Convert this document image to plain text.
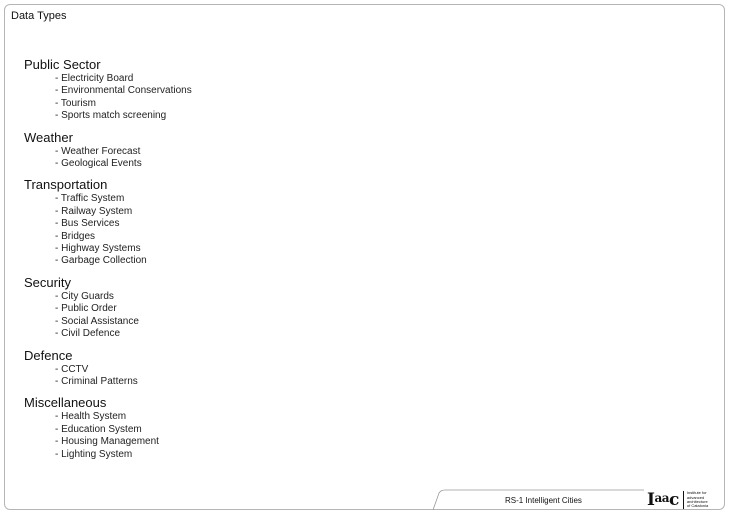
Data Types
Public Sector
- Electricity Board
- Environmental Conservations
- Tourism
- Sports match screening
Weather
- Weather Forecast
- Geological Events
Transportation
- Traffic System
- Railway System
- Bus Services
- Bridges
- Highway Systems
- Garbage Collection
Security
- City Guards
- Public Order
- Social Assistance
- Civil Defence
Defence
- CCTV
- Criminal Patterns
Miscellaneous
- Health System
- Education System
- Housing Management
- Lighting System
RS-1 Intelligent Cities	Iaac Institute for
advanced
architecture
of Catalonia
